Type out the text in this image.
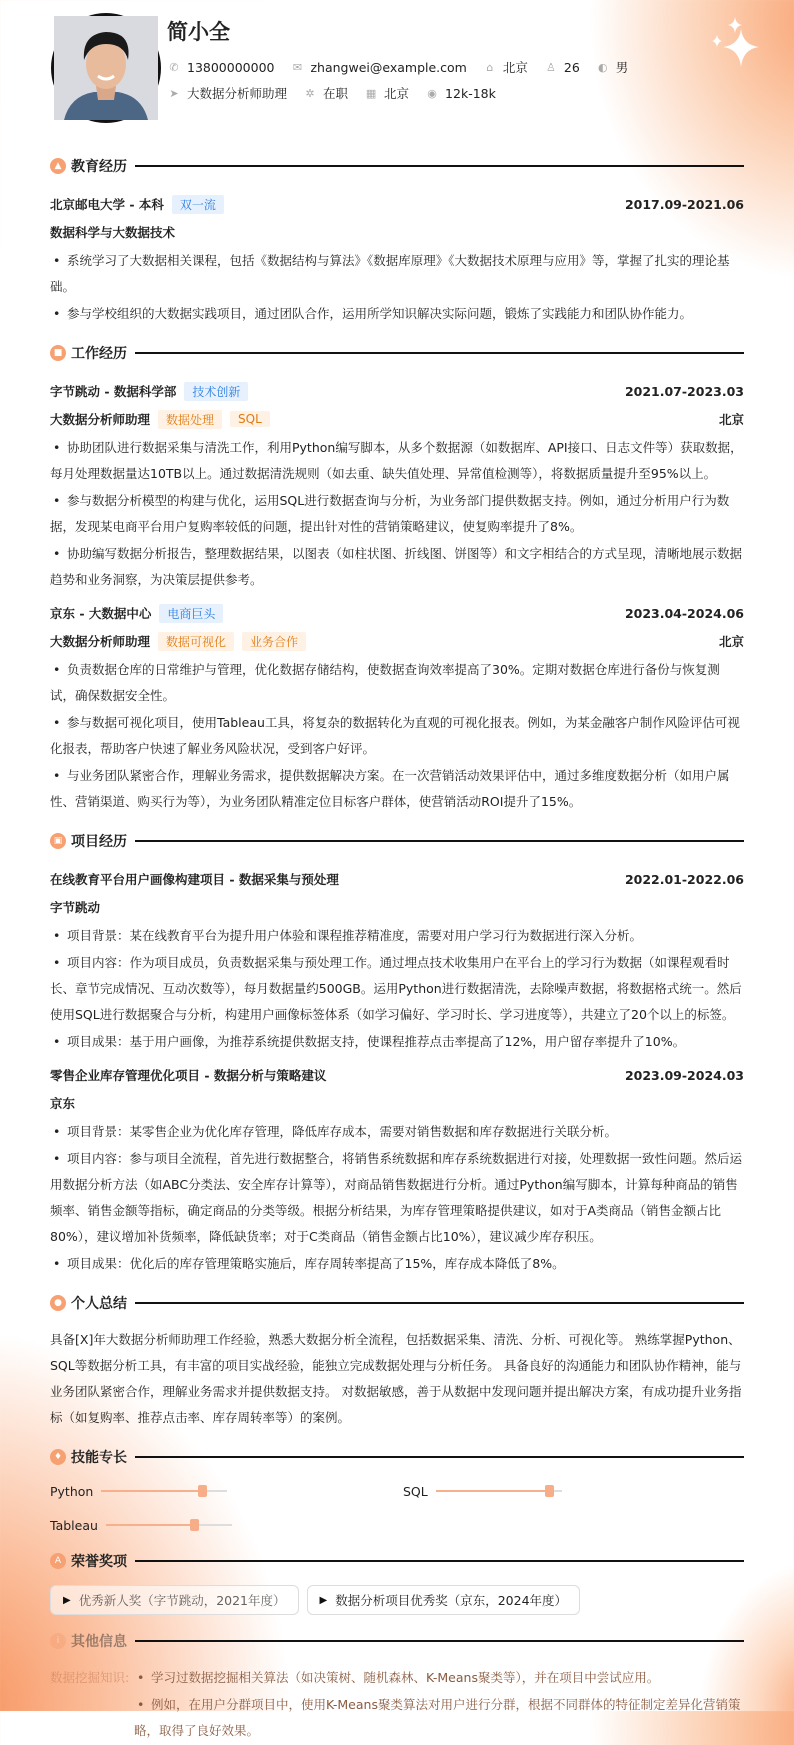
简小全
✆ 13800000000 ✉ zhangwei@example.com	⌂ 北京 ♙ 26 ◐ 男
➤ 大数据分析师助理 ✲ 在职 ▦ 北京 ◉ 12k-18k
▲ 教育经历
北京邮电大学 - 本科	双一流	2017.09-2021.06
数据科学与大数据技术
• 系统学习了大数据相关课程，包括《数据结构与算法》《数据库原理》《大数据技术原理与应用》等，掌握了扎实的理论基础。
• 参与学校组织的大数据实践项目，通过团队合作，运用所学知识解决实际问题，锻炼了实践能力和团队协作能力。
■ 工作经历
字节跳动 - 数据科学部	技术创新	2021.07-2023.03
大数据分析师助理	数据处理	SQL	北京
• 协助团队进行数据采集与清洗工作，利用Python编写脚本，从多个数据源（如数据库、API接口、日志文件等）获取数据，每月处理数据量达10TB以上。通过数据清洗规则（如去重、缺失值处理、异常值检测等），将数据质量提升至95%以上。
• 参与数据分析模型的构建与优化，运用SQL进行数据查询与分析，为业务部门提供数据支持。例如，通过分析用户行为数据，发现某电商平台用户复购率较低的问题，提出针对性的营销策略建议，使复购率提升了8%。
• 协助编写数据分析报告，整理数据结果，以图表（如柱状图、折线图、饼图等）和文字相结合的方式呈现，清晰地展示数据趋势和业务洞察，为决策层提供参考。
京东 - 大数据中心	电商巨头	2023.04-2024.06
大数据分析师助理	数据可视化	业务合作	北京
• 负责数据仓库的日常维护与管理，优化数据存储结构，使数据查询效率提高了30%。定期对数据仓库进行备份与恢复测试，确保数据安全性。
• 参与数据可视化项目，使用Tableau工具，将复杂的数据转化为直观的可视化报表。例如，为某金融客户制作风险评估可视化报表，帮助客户快速了解业务风险状况，受到客户好评。
• 与业务团队紧密合作，理解业务需求，提供数据解决方案。在一次营销活动效果评估中，通过多维度数据分析（如用户属性、营销渠道、购买行为等），为业务团队精准定位目标客户群体，使营销活动ROI提升了15%。
▣ 项目经历
在线教育平台用户画像构建项目 - 数据采集与预处理	2022.01-2022.06
字节跳动
• 项目背景：某在线教育平台为提升用户体验和课程推荐精准度，需要对用户学习行为数据进行深入分析。
• 项目内容：作为项目成员，负责数据采集与预处理工作。通过埋点技术收集用户在平台上的学习行为数据（如课程观看时长、章节完成情况、互动次数等），每月数据量约500GB。运用Python进行数据清洗，去除噪声数据，将数据格式统一。然后使用SQL进行数据聚合与分析，构建用户画像标签体系（如学习偏好、学习时长、学习进度等），共建立了20个以上的标签。
• 项目成果：基于用户画像，为推荐系统提供数据支持，使课程推荐点击率提高了12%，用户留存率提升了10%。
零售企业库存管理优化项目 - 数据分析与策略建议	2023.09-2024.03
京东
• 项目背景：某零售企业为优化库存管理，降低库存成本，需要对销售数据和库存数据进行关联分析。
• 项目内容：参与项目全流程，首先进行数据整合，将销售系统数据和库存系统数据进行对接，处理数据一致性问题。然后运用数据分析方法（如ABC分类法、安全库存计算等），对商品销售数据进行分析。通过Python编写脚本，计算每种商品的销售频率、销售金额等指标，确定商品的分类等级。根据分析结果，为库存管理策略提供建议，如对于A类商品（销售金额占比80%），建议增加补货频率，降低缺货率；对于C类商品（销售金额占比10%），建议减少库存积压。
• 项目成果：优化后的库存管理策略实施后，库存周转率提高了15%，库存成本降低了8%。
● 个人总结

具备[X]年大数据分析师助理工作经验，熟悉大数据分析全流程，包括数据采集、清洗、分析、可视化等。 熟练掌握Python、SQL等数据分析工具，有丰富的项目实战经验，能独立完成数据处理与分析任务。 具备良好的沟通能力和团队协作精神，能与业务团队紧密合作，理解业务需求并提供数据支持。 对数据敏感，善于从数据中发现问题并提出解决方案，有成功提升业务指标（如复购率、推荐点击率、库存周转率等）的案例。

♦ 技能专长
Python	SQL
Tableau
A 荣誉奖项
▶ 优秀新人奖（字节跳动，2021年度）	▶ 数据分析项目优秀奖（京东，2024年度）
i 其他信息
数据挖掘知识:	• 学习过数据挖掘相关算法（如决策树、随机森林、K-Means聚类等），并在项目中尝试应用。
• 例如，在用户分群项目中，使用K-Means聚类算法对用户进行分群，根据不同群体的特征制定差异化营销策略，取得了良好效果。
